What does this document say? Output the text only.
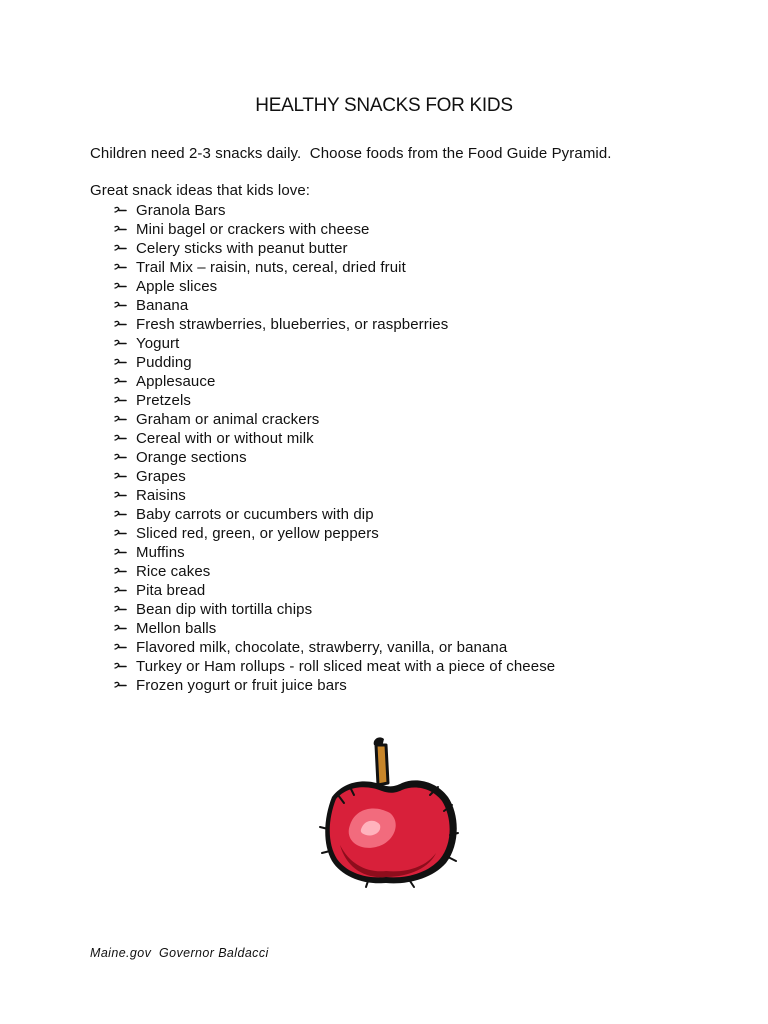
HEALTHY SNACKS FOR KIDS
Children need 2-3 snacks daily.  Choose foods from the Food Guide Pyramid.
Great snack ideas that kids love:
Granola Bars
Mini bagel or crackers with cheese
Celery sticks with peanut butter
Trail Mix – raisin, nuts, cereal, dried fruit
Apple slices
Banana
Fresh strawberries, blueberries, or raspberries
Yogurt
Pudding
Applesauce
Pretzels
Graham or animal crackers
Cereal with or without milk
Orange sections
Grapes
Raisins
Baby carrots or cucumbers with dip
Sliced red, green, or yellow peppers
Muffins
Rice cakes
Pita bread
Bean dip with tortilla chips
Mellon balls
Flavored milk, chocolate, strawberry, vanilla, or banana
Turkey or Ham rollups - roll sliced meat with a piece of cheese
Frozen yogurt or fruit juice bars
Maine.gov  Governor Baldacci
